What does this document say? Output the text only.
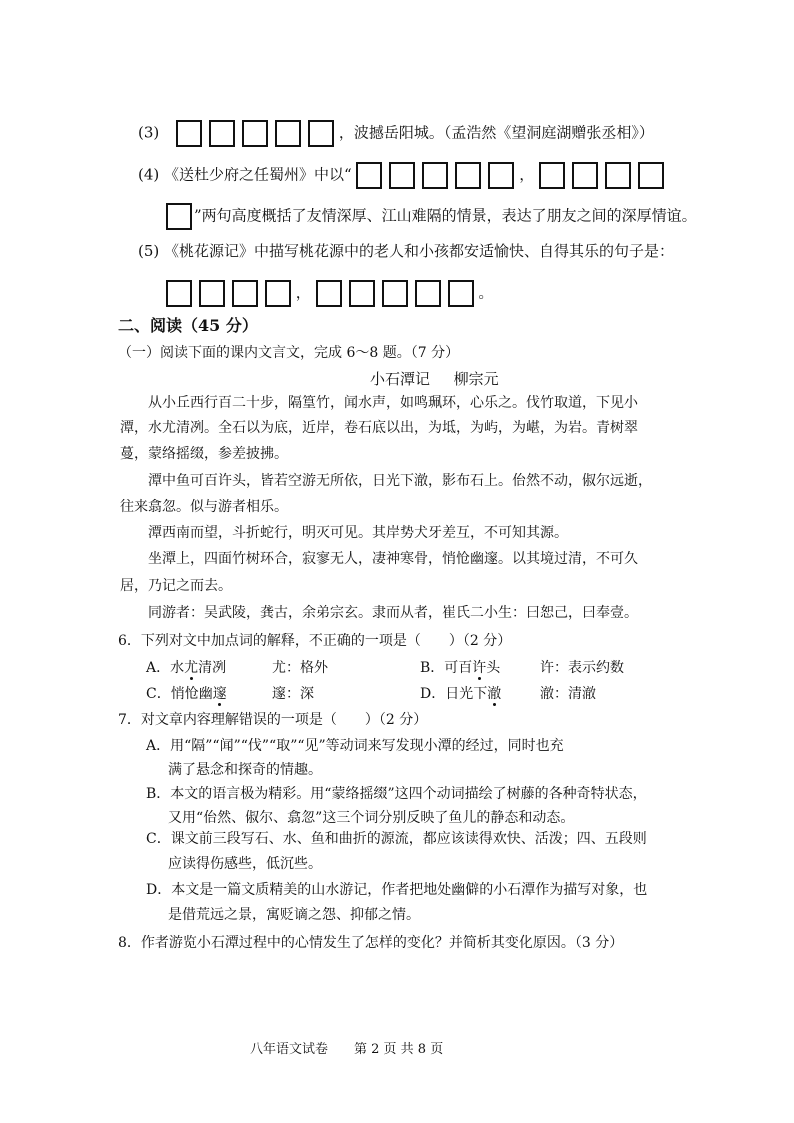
(3)	，波撼岳阳城。（孟浩然《望洞庭湖赠张丞相》）
(4) 《送杜少府之任蜀州》中以“	，
”两句高度概括了友情深厚、江山难隔的情景，表达了朋友之间的深厚情谊。
(5) 《桃花源记》中描写桃花源中的老人和小孩都安适愉快、自得其乐的句子是：
，	。
二、阅读（45 分）
（一）阅读下面的课内文言文，完成 6～8 题。（7 分）
小石潭记 柳宗元
从小丘西行百二十步，隔篁竹，闻水声，如鸣珮环，心乐之。伐竹取道，下见小
潭，水尤清冽。全石以为底，近岸，卷石底以出，为坻，为屿，为嵁，为岩。青树翠
蔓，蒙络摇缀，参差披拂。
潭中鱼可百许头，皆若空游无所依，日光下澈，影布石上。佁然不动，俶尔远逝，
往来翕忽。似与游者相乐。
潭西南而望，斗折蛇行，明灭可见。其岸势犬牙差互，不可知其源。
坐潭上，四面竹树环合，寂寥无人，凄神寒骨，悄怆幽邃。以其境过清，不可久
居，乃记之而去。
同游者：吴武陵，龚古，余弟宗玄。隶而从者，崔氏二小生：曰恕己，曰奉壹。
6．下列对文中加点词的解释，不正确的一项是（　　）（2 分）
A．水尤清冽	尤：格外	B．可百许头	许：表示约数
C．悄怆幽邃	邃：深	D．日光下澈	澈：清澈
7．对文章内容理解错误的一项是（　　）（2 分）
A．用“隔”“闻”“伐”“取”“见”等动词来写发现小潭的经过，同时也充
满了悬念和探奇的情趣。
B．本文的语言极为精彩。用“蒙络摇缀”这四个动词描绘了树藤的各种奇特状态，
又用“佁然、俶尔、翕忽”这三个词分别反映了鱼儿的静态和动态。
C．课文前三段写石、水、鱼和曲折的源流，都应该读得欢快、活泼；四、五段则
应读得伤感些，低沉些。
D．本文是一篇文质精美的山水游记，作者把地处幽僻的小石潭作为描写对象，也
是借荒远之景，寓贬谪之怨、抑郁之情。
8．作者游览小石潭过程中的心情发生了怎样的变化？并简析其变化原因。（3 分）
八年语文试卷　　第 2 页 共 8 页
